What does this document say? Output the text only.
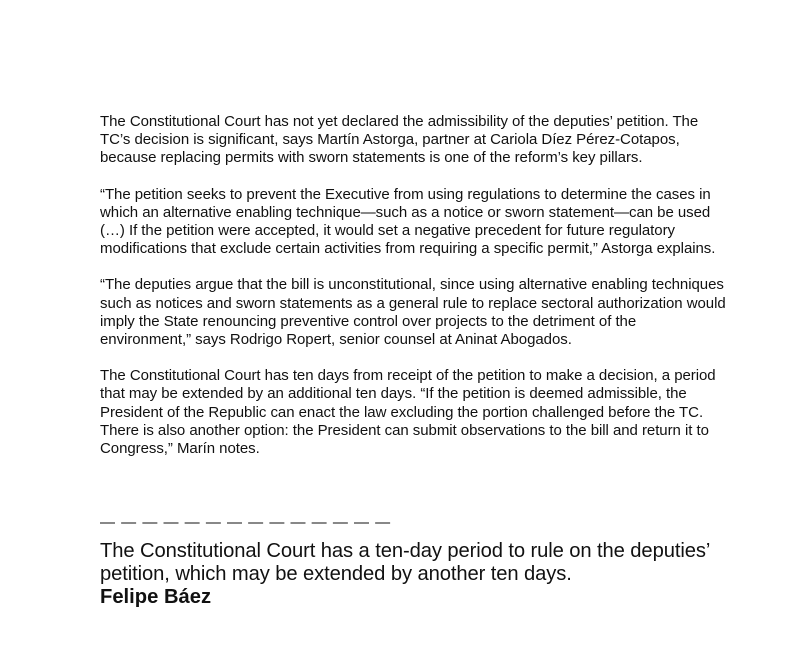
The Constitutional Court has not yet declared the admissibility of the deputies’ petition. The TC’s decision is significant, says Martín Astorga, partner at Cariola Díez Pérez-Cotapos, because replacing permits with sworn statements is one of the reform’s key pillars.

“The petition seeks to prevent the Executive from using regulations to determine the cases in which an alternative enabling technique—such as a notice or sworn statement—can be used (…) If the petition were accepted, it would set a negative precedent for future regulatory modifications that exclude certain activities from requiring a specific permit,” Astorga explains.

“The deputies argue that the bill is unconstitutional, since using alternative enabling techniques such as notices and sworn statements as a general rule to replace sectoral authorization would imply the State renouncing preventive control over projects to the detriment of the environment,” says Rodrigo Ropert, senior counsel at Aninat Abogados.

The Constitutional Court has ten days from receipt of the petition to make a decision, a period that may be extended by an additional ten days. “If the petition is deemed admissible, the President of the Republic can enact the law excluding the portion challenged before the TC. There is also another option: the President can submit observations to the bill and return it to Congress,” Marín notes.

— — — — — — — — — — — — — —

The Constitutional Court has a ten-day period to rule on the deputies’ petition, which may be extended by another ten days.

Felipe Báez
